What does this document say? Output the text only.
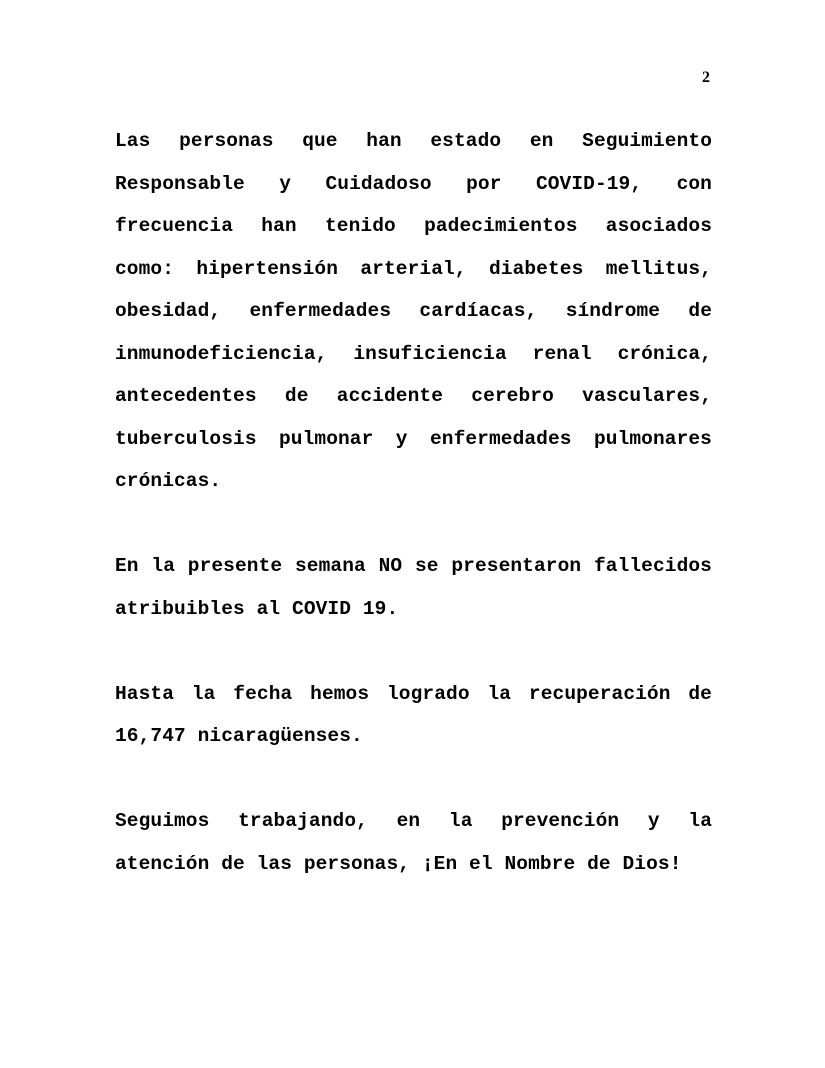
2

Las personas que han estado en Seguimiento Responsable y Cuidadoso por COVID-19, con frecuencia han tenido padecimientos asociados como: hipertensión arterial, diabetes mellitus, obesidad, enfermedades cardíacas, síndrome de inmunodeficiencia, insuficiencia renal crónica, antecedentes de accidente cerebro vasculares, tuberculosis pulmonar y enfermedades pulmonares crónicas.

En la presente semana NO se presentaron fallecidos atribuibles al COVID 19.

Hasta la fecha hemos logrado la recuperación de 16,747 nicaragüenses.

Seguimos trabajando, en la prevención y la atención de las personas, ¡En el Nombre de Dios!
